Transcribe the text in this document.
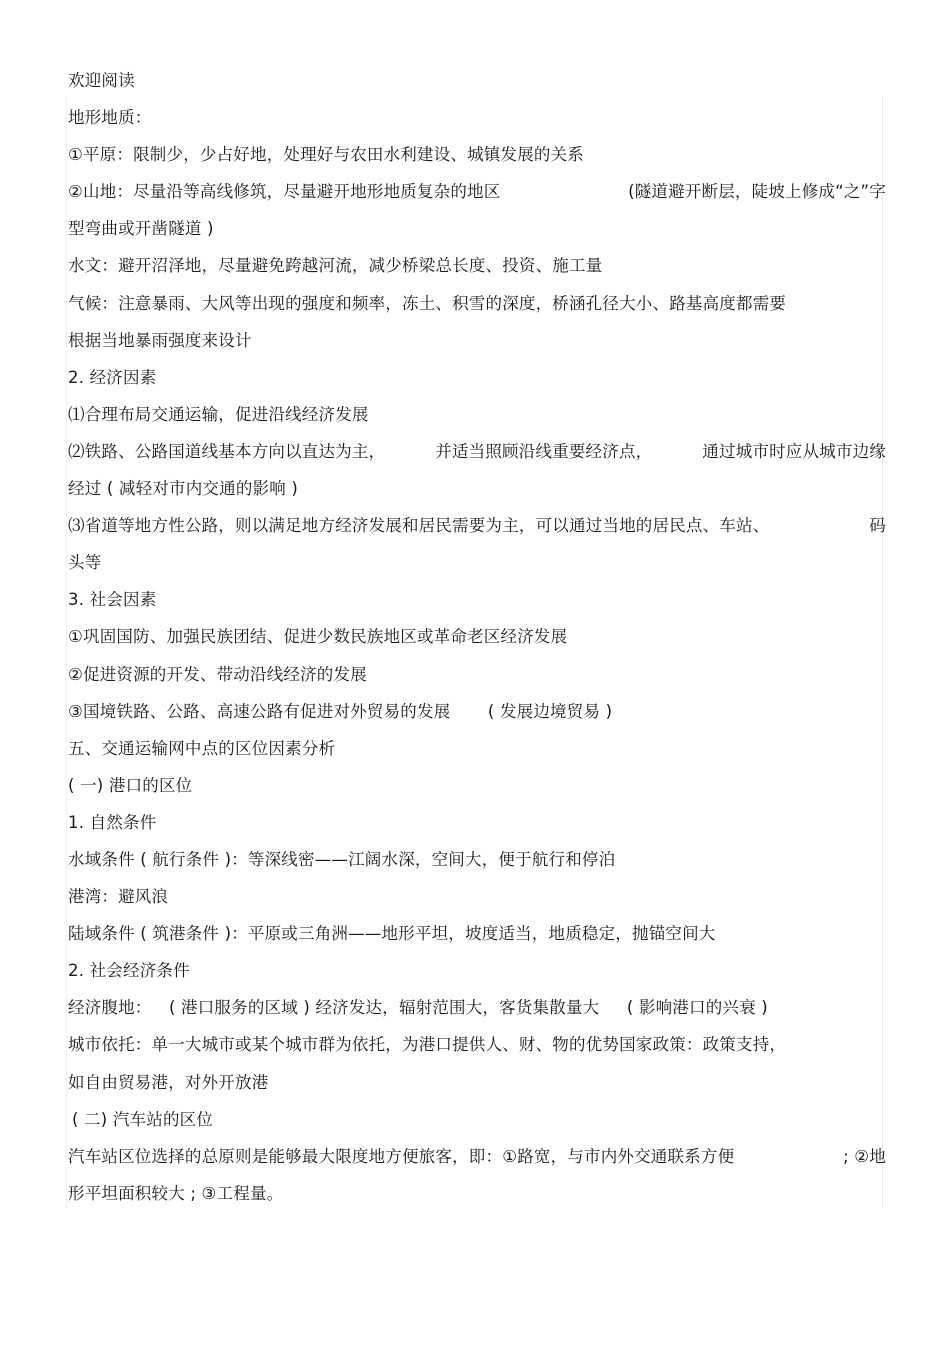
欢迎阅读
地形地质：
①平原：限制少，少占好地，处理好与农田水利建设、城镇发展的关系
②山地：尽量沿等高线修筑，尽量避开地形地质复杂的地区	(隧道避开断层，陡坡上修成“之”字
型弯曲或开凿隧道 )
水文：避开沼泽地，尽量避免跨越河流，减少桥梁总长度、投资、施工量
气候：注意暴雨、大风等出现的强度和频率，冻土、积雪的深度，桥涵孔径大小、路基高度都需要
根据当地暴雨强度来设计
2. 经济因素
⑴合理布局交通运输，促进沿线经济发展
⑵铁路、公路国道线基本方向以直达为主，	并适当照顾沿线重要经济点，	通过城市时应从城市边缘
经过 ( 减轻对市内交通的影响 )
⑶省道等地方性公路，则以满足地方经济发展和居民需要为主，可以通过当地的居民点、车站、	码
头等
3. 社会因素
①巩固国防、加强民族团结、促进少数民族地区或革命老区经济发展
②促进资源的开发、带动沿线经济的发展
③国境铁路、公路、高速公路有促进对外贸易的发展 ( 发展边境贸易 )
五、交通运输网中点的区位因素分析
( 一) 港口的区位
1. 自然条件
水域条件 ( 航行条件 )：等深线密——江阔水深，空间大，便于航行和停泊
港湾：避风浪
陆域条件 ( 筑港条件 )：平原或三角洲——地形平坦，坡度适当，地质稳定，抛锚空间大
2. 社会经济条件
经济腹地： ( 港口服务的区域 ) 经济发达，辐射范围大，客货集散量大 ( 影响港口的兴衰 )
城市依托：单一大城市或某个城市群为依托，为港口提供人、财、物的优势国家政策：政策支持，
如自由贸易港，对外开放港
( 二) 汽车站的区位
汽车站区位选择的总原则是能够最大限度地方便旅客，即：①路宽，与市内外交通联系方便	; ②地
形平坦面积较大 ; ③工程量。
